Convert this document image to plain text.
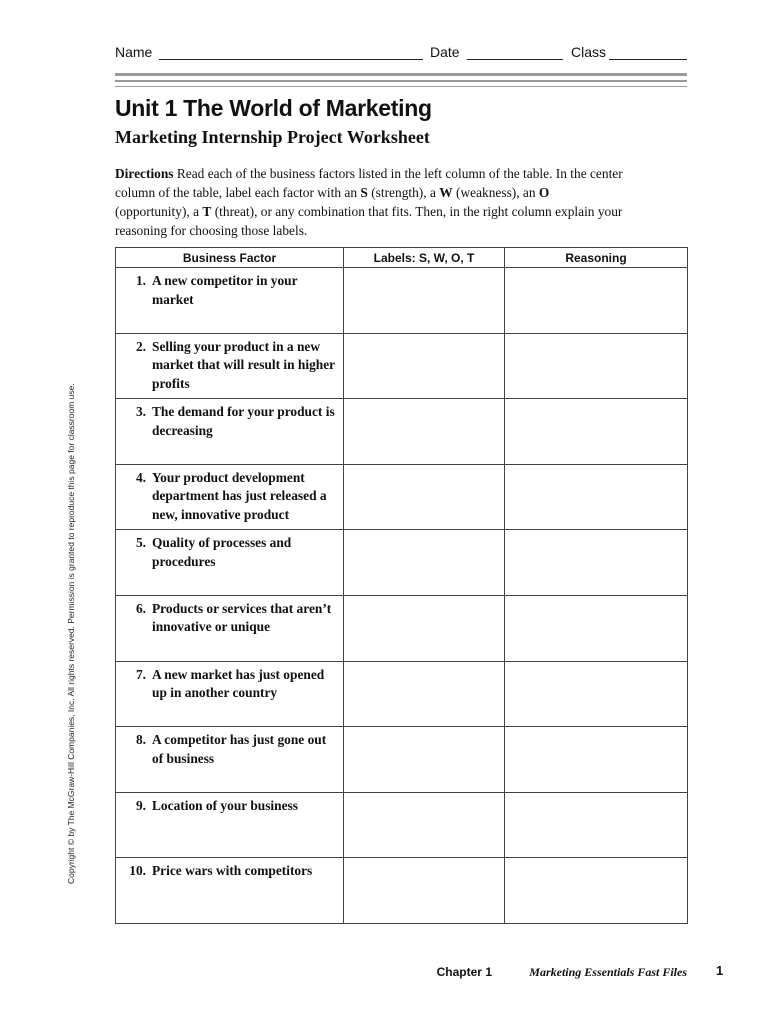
Name	Date	Class
Unit 1 The World of Marketing
Marketing Internship Project Worksheet
Directions Read each of the business factors listed in the left column of the table. In the center column of the table, label each factor with an S (strength), a W (weakness), an O (opportunity), a T (threat), or any combination that fits. Then, in the right column explain your reasoning for choosing those labels.
Business Factor	Labels: S, W, O, T	Reasoning

1. A new competitor in your market		

2. Selling your product in a new market that will result in higher profits		

3. The demand for your product is decreasing		

4. Your product development department has just released a new, innovative product		

5. Quality of processes and procedures		

6. Products or services that aren’t innovative or unique		

7. A new market has just opened up in another country		

8. A competitor has just gone out of business		

9. Location of your business		

10. Price wars with competitors		

Copyright © by The McGraw-Hill Companies, Inc. All rights reserved. Permission is granted to reproduce this page for classroom use.
Chapter 1	Marketing Essentials Fast Files 1
